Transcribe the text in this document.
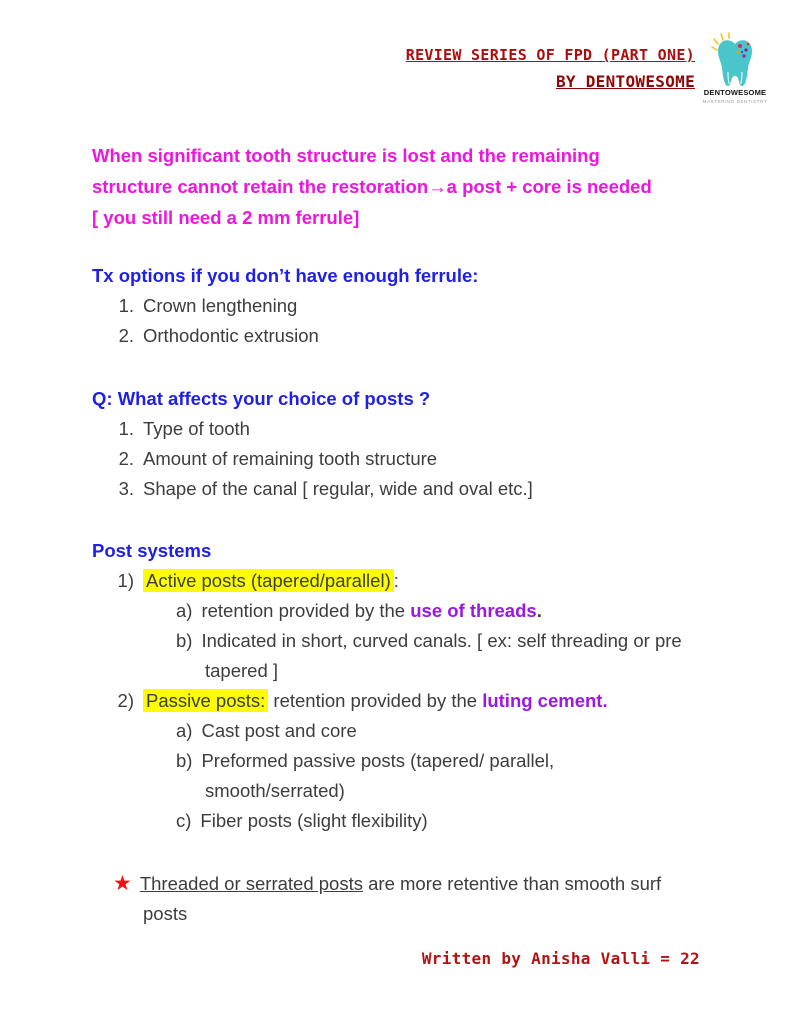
REVIEW SERIES OF FPD (PART ONE)
BY DENTOWESOME
DENTOWESOME
MASTERING DENTISTRY
When significant tooth structure is lost and the remaining
structure cannot retain the restoration→a post + core is needed
[ you still need a 2 mm ferrule]
Tx options if you don’t have enough ferrule:
1. Crown lengthening
2. Orthodontic extrusion
Q: What affects your choice of posts ?
1. Type of tooth
2. Amount of remaining tooth structure
3. Shape of the canal [ regular, wide and oval etc.]
Post systems
1) Active posts (tapered/parallel) :
a) retention provided by the use of threads.
b) Indicated in short, curved canals. [ ex: self threading or pre
tapered ]
2) Passive posts: retention provided by the luting cement.
a) Cast post and core
b) Preformed passive posts (tapered/ parallel,
smooth/serrated)
c) Fiber posts (slight flexibility)
★ Threaded or serrated posts are more retentive than smooth surf
posts
Written by Anisha Valli = 22
